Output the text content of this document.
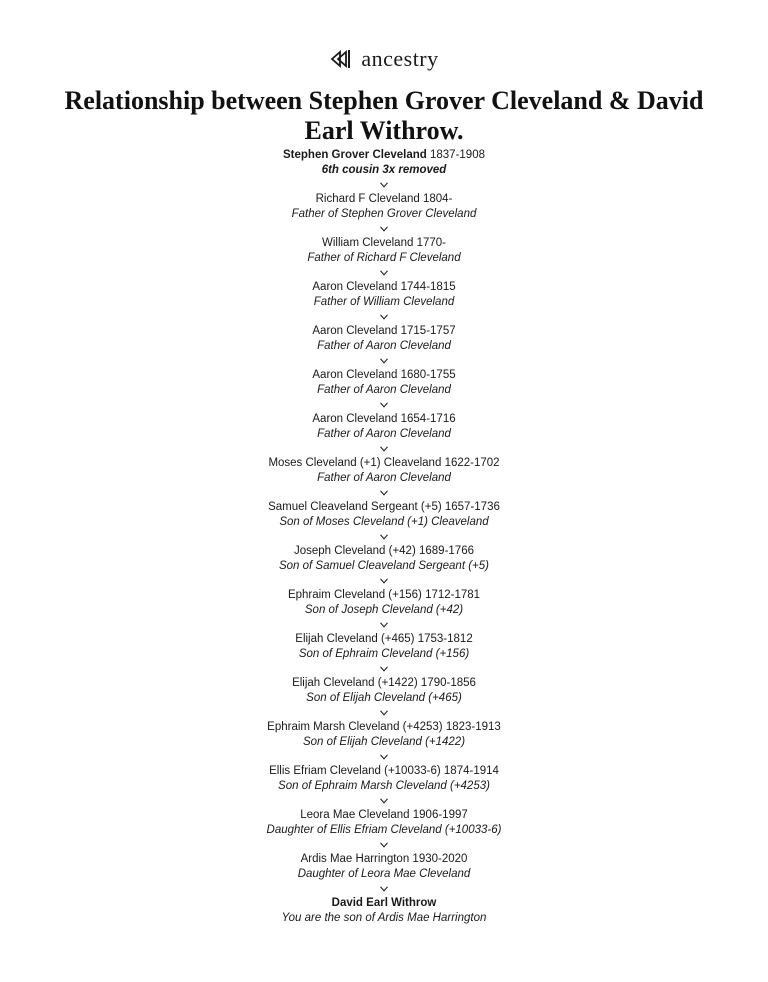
ancestry
Relationship between Stephen Grover Cleveland & David Earl Withrow.
Stephen Grover Cleveland 1837-1908
6th cousin 3x removed
Richard F Cleveland 1804-
Father of Stephen Grover Cleveland
William Cleveland 1770-
Father of Richard F Cleveland
Aaron Cleveland 1744-1815
Father of William Cleveland
Aaron Cleveland 1715-1757
Father of Aaron Cleveland
Aaron Cleveland 1680-1755
Father of Aaron Cleveland
Aaron Cleveland 1654-1716
Father of Aaron Cleveland
Moses Cleveland (+1) Cleaveland 1622-1702
Father of Aaron Cleveland
Samuel Cleaveland Sergeant (+5) 1657-1736
Son of Moses Cleveland (+1) Cleaveland
Joseph Cleveland (+42) 1689-1766
Son of Samuel Cleaveland Sergeant (+5)
Ephraim Cleveland (+156) 1712-1781
Son of Joseph Cleveland (+42)
Elijah Cleveland (+465) 1753-1812
Son of Ephraim Cleveland (+156)
Elijah Cleveland (+1422) 1790-1856
Son of Elijah Cleveland (+465)
Ephraim Marsh Cleveland (+4253) 1823-1913
Son of Elijah Cleveland (+1422)
Ellis Efriam Cleveland (+10033-6) 1874-1914
Son of Ephraim Marsh Cleveland (+4253)
Leora Mae Cleveland 1906-1997
Daughter of Ellis Efriam Cleveland (+10033-6)
Ardis Mae Harrington 1930-2020
Daughter of Leora Mae Cleveland
David Earl Withrow
You are the son of Ardis Mae Harrington
